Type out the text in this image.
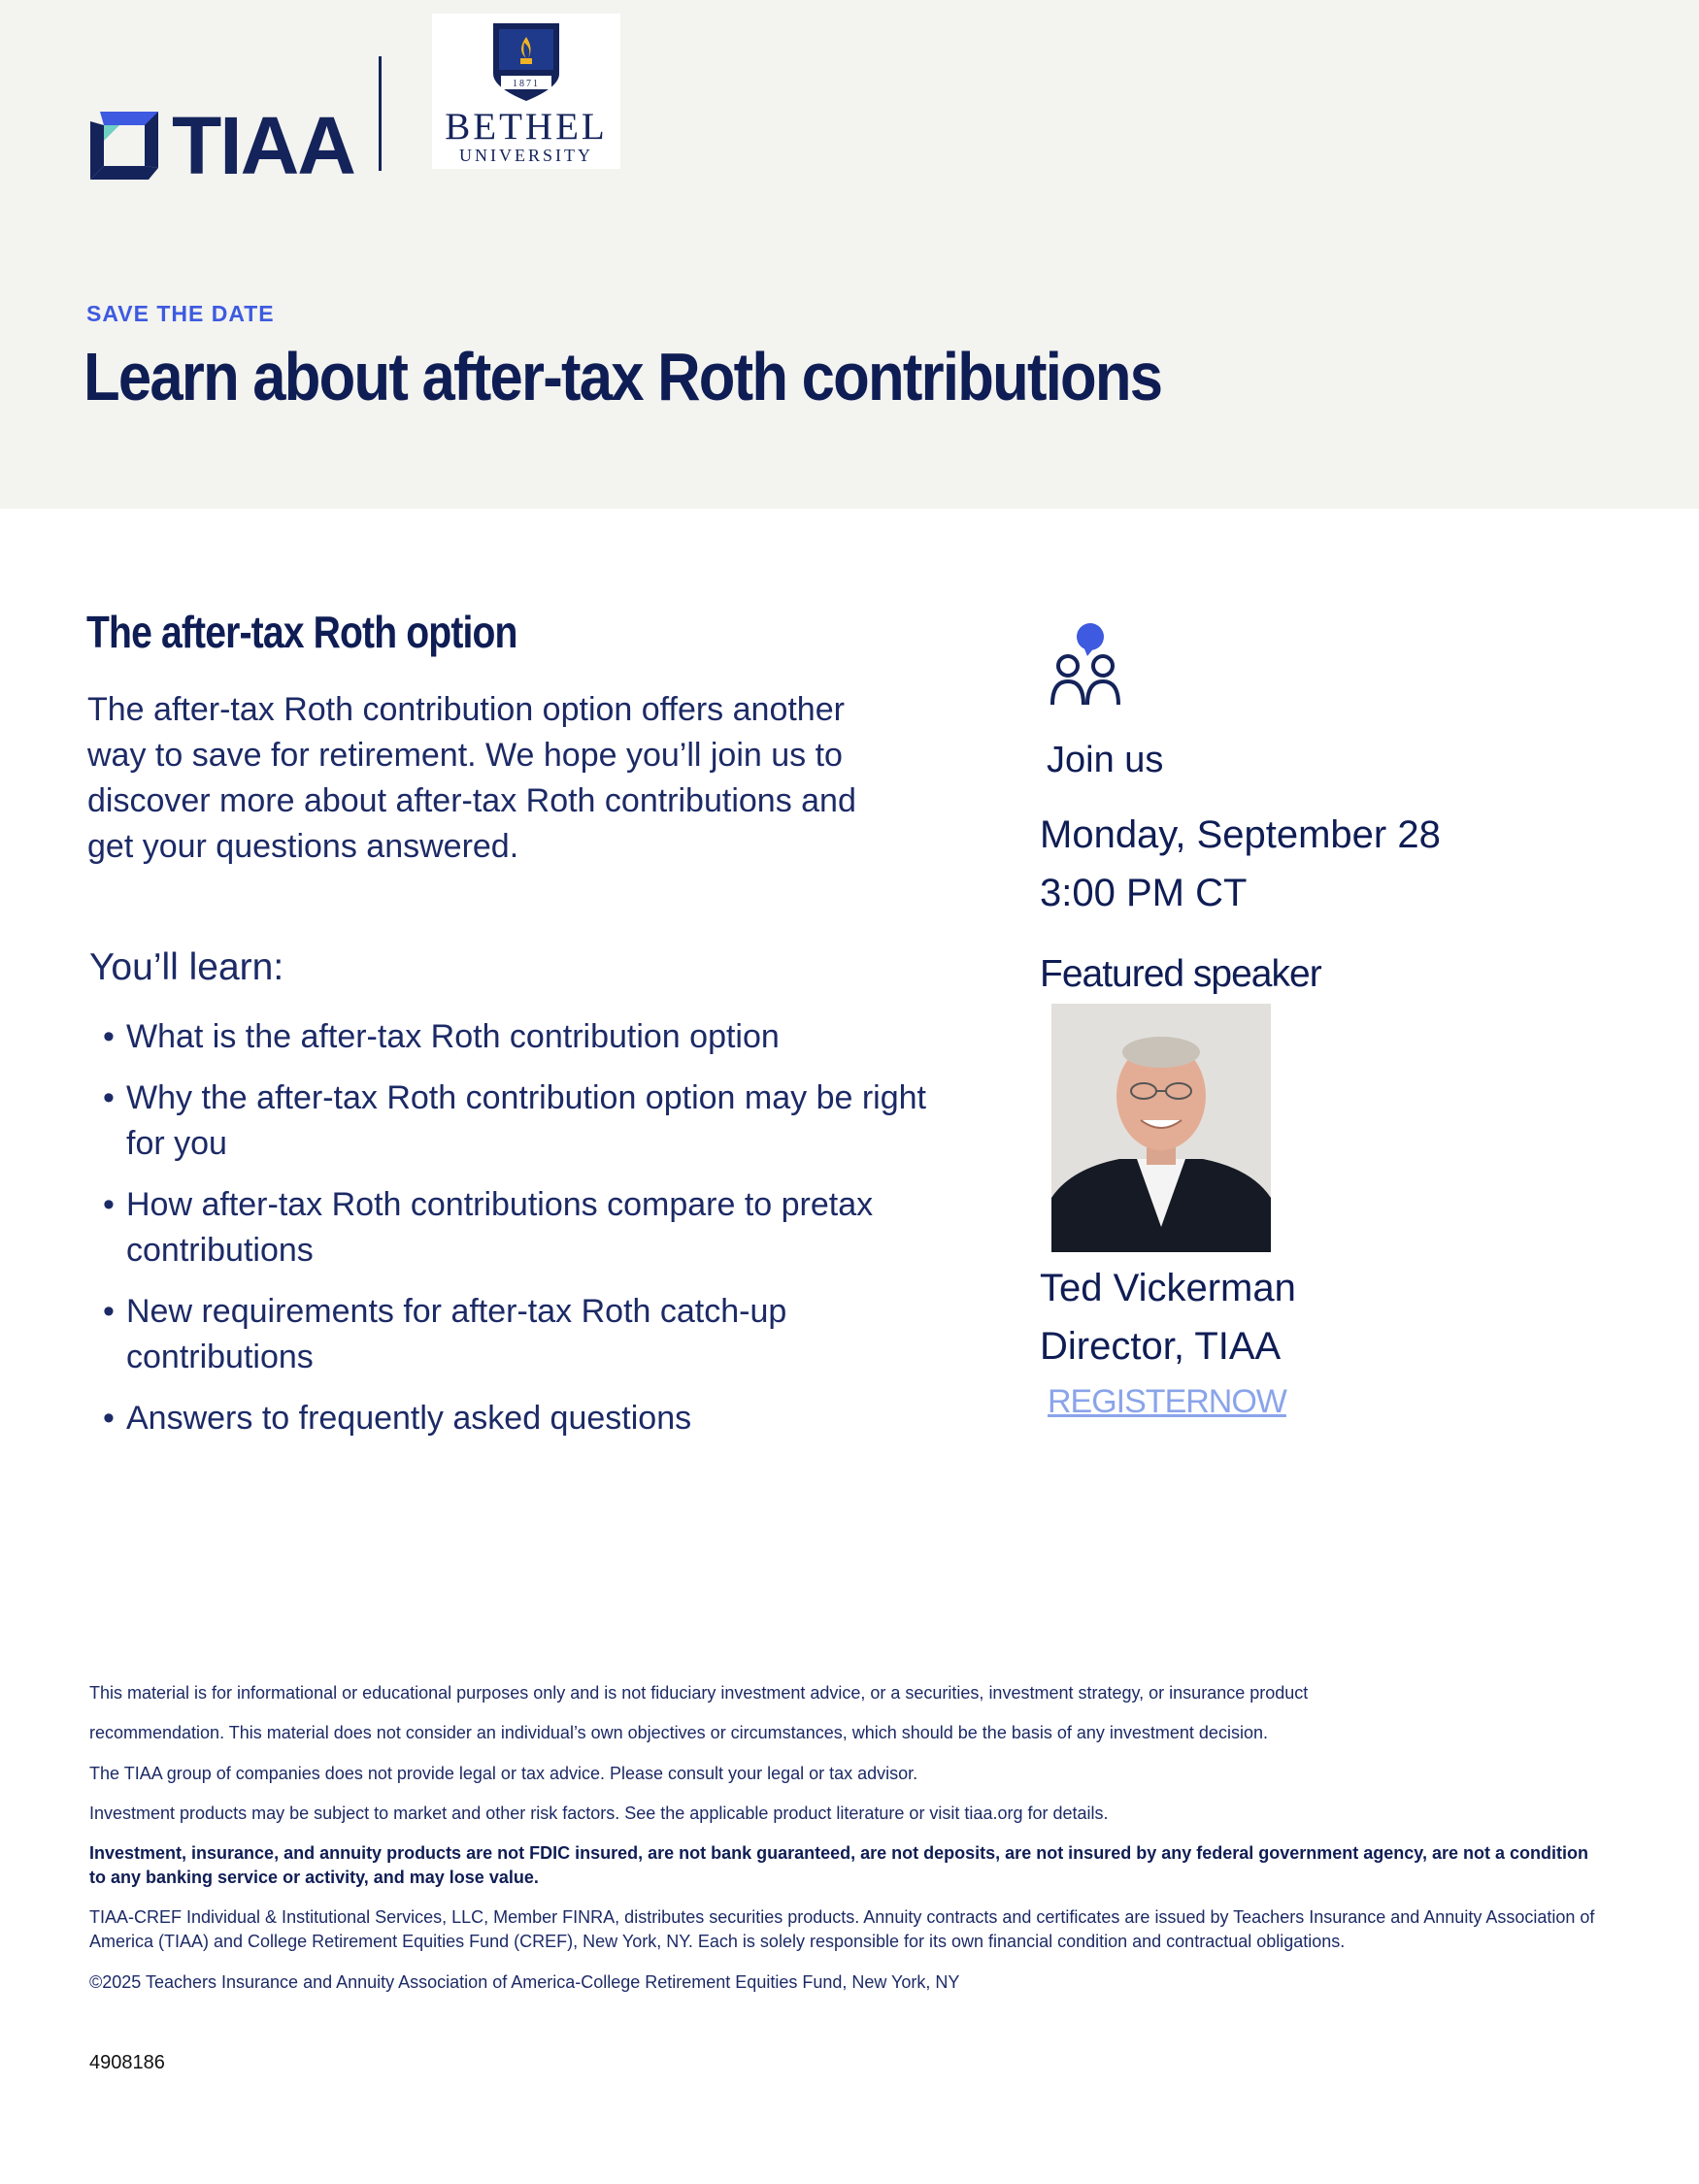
TIAA
1871
BETHEL
UNIVERSITY
SAVE THE DATE
Learn about after-tax Roth contributions
The after-tax Roth option

The after-tax Roth contribution option offers another way to save for retirement. We hope you’ll join us to discover more about after-tax Roth contributions and get your questions answered.

You’ll learn:
• What is the after-tax Roth contribution option
• Why the after-tax Roth contribution option may be right for you
• How after-tax Roth contributions compare to pretax contributions
• New requirements for after-tax Roth catch-up contributions
• Answers to frequently asked questions
Join us
Monday, September 28
3:00 PM CT
Featured speaker
Ted Vickerman
Director, TIAA
REGISTERNOW

This material is for informational or educational purposes only and is not fiduciary investment advice, or a securities, investment strategy, or insurance product

recommendation. This material does not consider an individual’s own objectives or circumstances, which should be the basis of any investment decision.

The TIAA group of companies does not provide legal or tax advice. Please consult your legal or tax advisor.

Investment products may be subject to market and other risk factors. See the applicable product literature or visit tiaa.org for details.

Investment, insurance, and annuity products are not FDIC insured, are not bank guaranteed, are not deposits, are not insured by any federal government agency, are not a condition to any banking service or activity, and may lose value.

TIAA-CREF Individual & Institutional Services, LLC, Member FINRA, distributes securities products. Annuity contracts and certificates are issued by Teachers Insurance and Annuity Association of America (TIAA) and College Retirement Equities Fund (CREF), New York, NY. Each is solely responsible for its own financial condition and contractual obligations.

©2025 Teachers Insurance and Annuity Association of America-College Retirement Equities Fund, New York, NY

4908186
